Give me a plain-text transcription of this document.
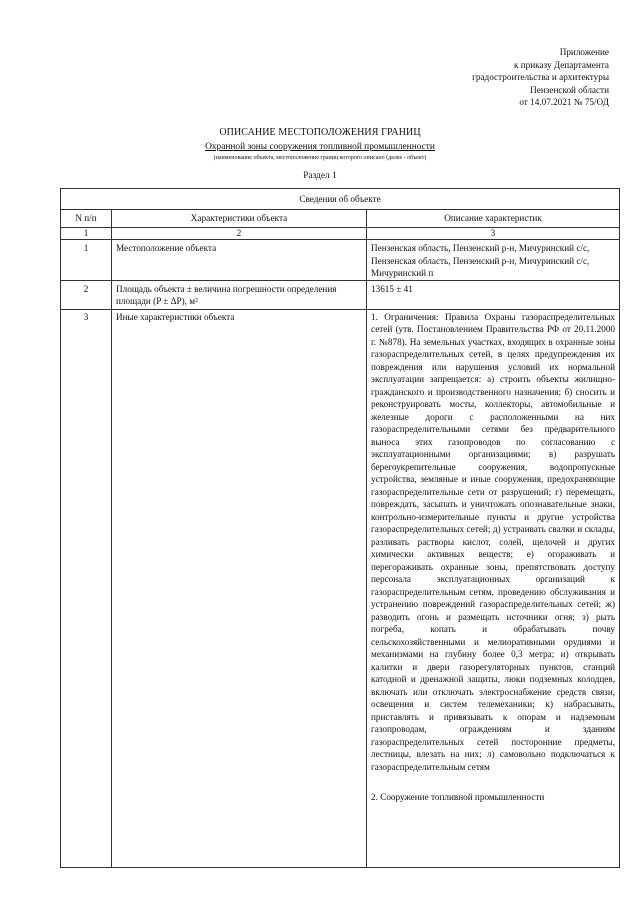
Приложение
к приказу Департамента
градостроительства и архитектуры
Пензенской области
от 14.07.2021 № 75/ОД
ОПИСАНИЕ МЕСТОПОЛОЖЕНИЯ ГРАНИЦ
Охранной зоны сооружения топливной промышленности
(наименование объекта, местоположение границ которого описано (далее - объект)
Раздел 1
Сведения об объекте		
N п/п	Характеристики объекта	Описание характеристик
1	2	3
1	Местоположение объекта	Пензенская область, Пензенский р-н, Мичуринский с/с, Пензенская область, Пензенский р-н, Мичуринский с/с, Мичуринский п
2	Площадь объекта ± величина погрешности определения площади (P ± ΔP), м²	13615 ± 41
3	Иные характеристики объекта	1. Ограничения: Правила Охраны газораспределительных сетей (утв. Постановлением Правительства РФ от 20.11.2000 г. №878). На земельных участках, входящих в охранные зоны газораспределительных сетей, в целях предупреждения их повреждения или нарушения условий их нормальной эксплуатации запрещается: а) строить объекты жилищно-гражданского и производственного назначения; б) сносить и реконструировать мосты, коллекторы, автомобильные и железные дороги с расположенными на них газораспределительными сетями без предварительного выноса этих газопроводов по согласованию с эксплуатационными организациями; в) разрушать берегоукрепительные сооружения, водопропускные устройства, земляные и иные сооружения, предохраняющие газораспределительные сети от разрушений; г) перемещать, повреждать, засыпать и уничтожать опознавательные знаки, контрольно-измерительные пункты и другие устройства газораспределительных сетей; д) устраивать свалки и склады, разливать растворы кислот, солей, щелочей и других химически активных веществ; е) огораживать и перегораживать охранные зоны, препятствовать доступу персонала эксплуатационных организаций к газораспределительным сетям, проведению обслуживания и устранению повреждений газораспределительных сетей; ж) разводить огонь и размещать источники огня; з) рыть погреба, копать и обрабатывать почву сельскохозяйственными и мелиоративными орудиями и механизмами на глубину более 0,3 метра; и) открывать калитки и двери газорегуляторных пунктов, станций катодной и дренажной защиты, люки подземных колодцев, включать или отключать электроснабжение средств связи, освещения и систем телемеханики; к) набрасывать, приставлять и привязывать к опорам и надземным газопроводам, ограждениям и зданиям газораспределительных сетей посторонние предметы, лестницы, влезать на них; л) самовольно подключаться к газораспределительным сетям
2. Сооружение топливной промышленности
